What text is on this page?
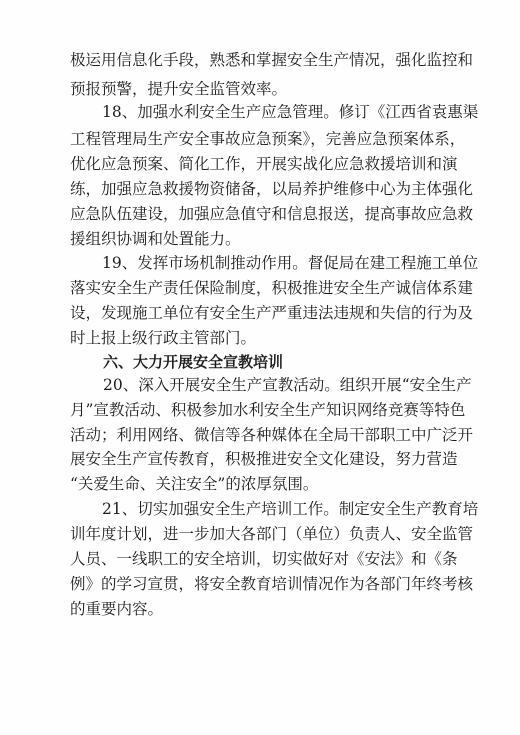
极运用信息化手段，熟悉和掌握安全生产情况，强化监控和
预报预警，提升安全监管效率。
18、加强水利安全生产应急管理。修订《江西省袁惠渠
工程管理局生产安全事故应急预案》，完善应急预案体系，
优化应急预案、简化工作，开展实战化应急救援培训和演
练，加强应急救援物资储备，以局养护维修中心为主体强化
应急队伍建设，加强应急值守和信息报送，提高事故应急救
援组织协调和处置能力。
19、发挥市场机制推动作用。督促局在建工程施工单位
落实安全生产责任保险制度，积极推进安全生产诚信体系建
设，发现施工单位有安全生产严重违法违规和失信的行为及
时上报上级行政主管部门。
六、大力开展安全宣教培训
20、深入开展安全生产宣教活动。组织开展“安全生产
月”宣教活动、积极参加水利安全生产知识网络竞赛等特色
活动；利用网络、微信等各种媒体在全局干部职工中广泛开
展安全生产宣传教育，积极推进安全文化建设，努力营造
“关爱生命、关注安全”的浓厚氛围。
21、切实加强安全生产培训工作。制定安全生产教育培
训年度计划，进一步加大各部门（单位）负责人、安全监管
人员、一线职工的安全培训，切实做好对《安法》和《条
例》的学习宣贯，将安全教育培训情况作为各部门年终考核
的重要内容。
